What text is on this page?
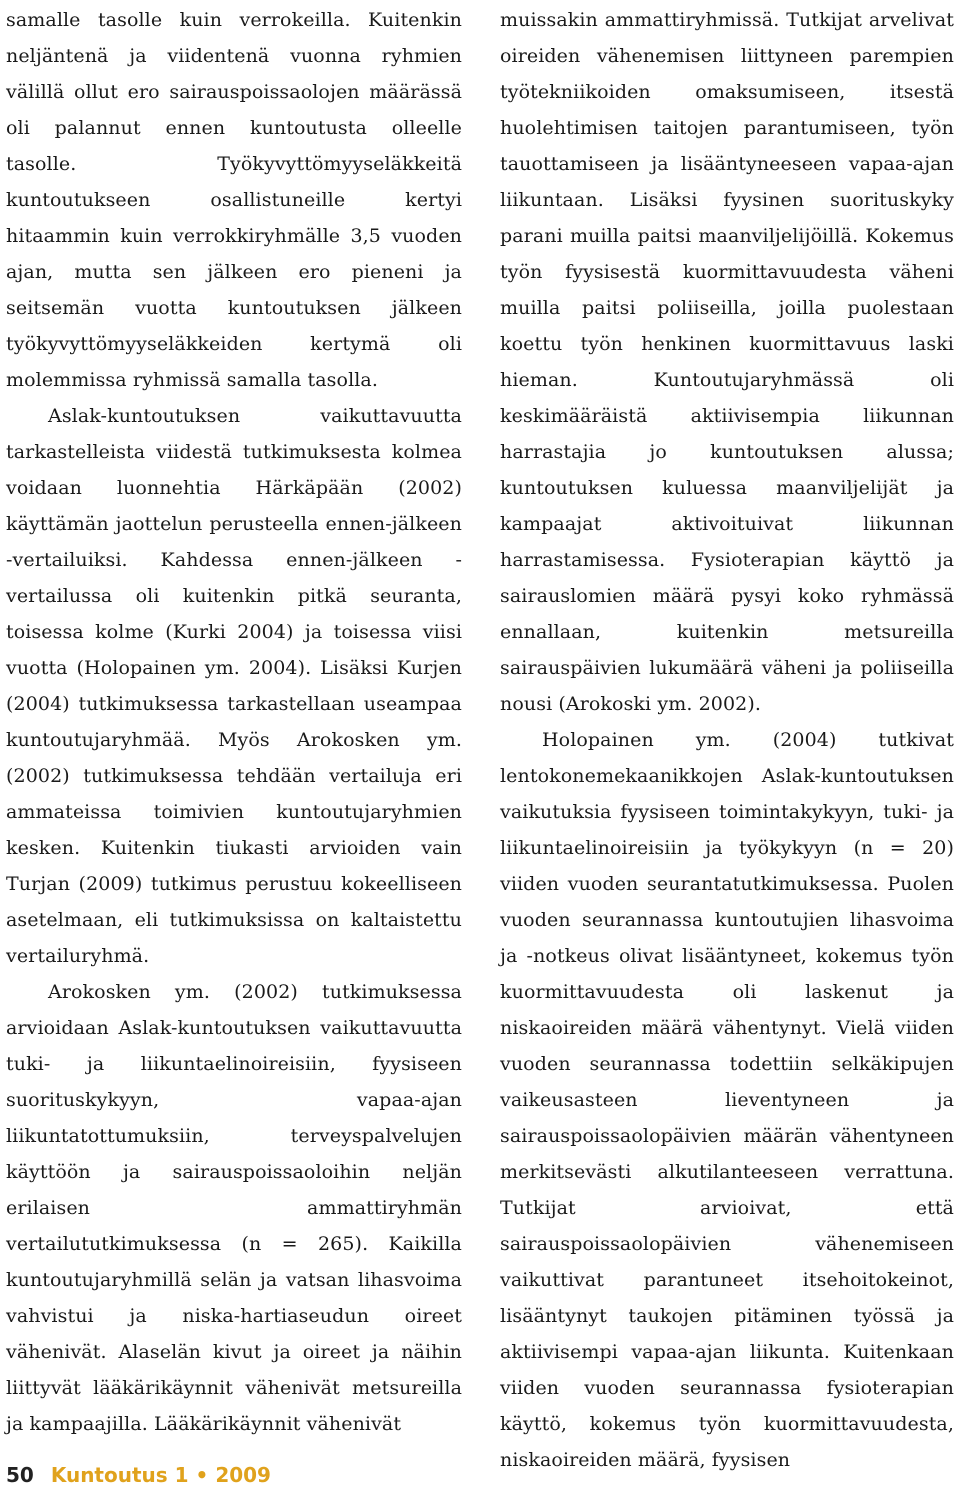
samalle tasolle kuin verrokeilla. Kuitenkin neljäntenä ja viidentenä vuonna ryhmien välillä ollut ero sairauspoissaolojen määrässä oli palannut ennen kuntoutusta olleelle tasolle. Työkyvyttömyyseläkkeitä kuntoutukseen osallistuneille kertyi hitaammin kuin verrokkiryhmälle 3,5 vuoden ajan, mutta sen jälkeen ero pieneni ja seitsemän vuotta kuntoutuksen jälkeen työkyvyttömyyseläkkeiden kertymä oli molemmissa ryhmissä samalla tasolla.

Aslak-kuntoutuksen vaikuttavuutta tarkastelleista viidestä tutkimuksesta kolmea voidaan luonnehtia Härkäpään (2002) käyttämän jaottelun perusteella ennen-jälkeen -vertailuiksi. Kahdessa ennen-jälkeen -vertailussa oli kuitenkin pitkä seuranta, toisessa kolme (Kurki 2004) ja toisessa viisi vuotta (Holopainen ym. 2004). Lisäksi Kurjen (2004) tutkimuksessa tarkastellaan useampaa kuntoutujaryhmää. Myös Arokosken ym. (2002) tutkimuksessa tehdään vertailuja eri ammateissa toimivien kuntoutujaryhmien kesken. Kuitenkin tiukasti arvioiden vain Turjan (2009) tutkimus perustuu kokeelliseen asetelmaan, eli tutkimuksissa on kaltaistettu vertailuryhmä.

Arokosken ym. (2002) tutkimuksessa arvioidaan Aslak-kuntoutuksen vaikuttavuutta tuki- ja liikuntaelinoireisiin, fyysiseen suorituskykyyn, vapaa-ajan liikuntatottumuksiin, terveyspalvelujen käyttöön ja sairauspoissaoloihin neljän erilaisen ammattiryhmän vertailututkimuksessa (n = 265). Kaikilla kuntoutujaryhmillä selän ja vatsan lihasvoima vahvistui ja niska-hartiaseudun oireet vähenivät. Alaselän kivut ja oireet ja näihin liittyvät lääkärikäynnit vähenivät metsureilla ja kampaajilla. Lääkärikäynnit vähenivät

muissakin ammattiryhmissä. Tutkijat arvelivat oireiden vähenemisen liittyneen parempien työtekniikoiden omaksumiseen, itsestä huolehtimisen taitojen parantumiseen, työn tauottamiseen ja lisääntyneeseen vapaa-ajan liikuntaan. Lisäksi fyysinen suorituskyky parani muilla paitsi maanviljelijöillä. Kokemus työn fyysisestä kuormittavuudesta väheni muilla paitsi poliiseilla, joilla puolestaan koettu työn henkinen kuormittavuus laski hieman. Kuntoutujaryhmässä oli keskimääräistä aktiivisempia liikunnan harrastajia jo kuntoutuksen alussa; kuntoutuksen kuluessa maanviljelijät ja kampaajat aktivoituivat liikunnan harrastamisessa. Fysioterapian käyttö ja sairauslomien määrä pysyi koko ryhmässä ennallaan, kuitenkin metsureilla sairauspäivien lukumäärä väheni ja poliiseilla nousi (Arokoski ym. 2002).

Holopainen ym. (2004) tutkivat lentokonemekaanikkojen Aslak-kuntoutuksen vaikutuksia fyysiseen toimintakykyyn, tuki- ja liikuntaelinoireisiin ja työkykyyn (n = 20) viiden vuoden seurantatutkimuksessa. Puolen vuoden seurannassa kuntoutujien lihasvoima ja -notkeus olivat lisääntyneet, kokemus työn kuormittavuudesta oli laskenut ja niskaoireiden määrä vähentynyt. Vielä viiden vuoden seurannassa todettiin selkäkipujen vaikeusasteen lieventyneen ja sairauspoissaolopäivien määrän vähentyneen merkitsevästi alkutilanteeseen verrattuna. Tutkijat arvioivat, että sairauspoissaolopäivien vähenemiseen vaikuttivat parantuneet itsehoitokeinot, lisääntynyt taukojen pitäminen työssä ja aktiivisempi vapaa-ajan liikunta. Kuitenkaan viiden vuoden seurannassa fysioterapian käyttö, kokemus työn kuormittavuudesta, niskaoireiden määrä, fyysisen

50 Kuntoutus 1 • 2009
